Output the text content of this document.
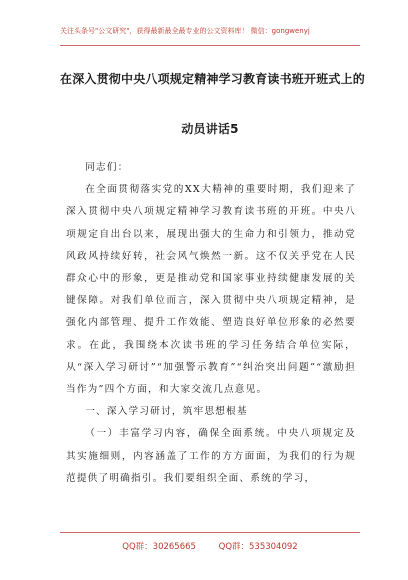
关注头条号"公文研究"，获得最新最全最专业的公文资料库！ 微信：gongwenyj
在深入贯彻中央八项规定精神学习教育读书班开班式上的
动员讲话5

同志们：

在全面贯彻落实党的XX大精神的重要时期，我们迎来了深入贯彻中央八项规定精神学习教育读书班的开班。中央八项规定自出台以来，展现出强大的生命力和引领力，推动党风政风持续好转，社会风气焕然一新。这不仅关乎党在人民群众心中的形象，更是推动党和国家事业持续健康发展的关键保障。对我们单位而言，深入贯彻中央八项规定精神，是强化内部管理、提升工作效能、塑造良好单位形象的必然要求。在此，我围绕本次读书班的学习任务结合单位实际，从“深入学习研讨”“加强警示教育”“纠治突出问题”“激励担当作为”四个方面，和大家交流几点意见。

一、深入学习研讨，筑牢思想根基

（一）丰富学习内容，确保全面系统。中央八项规定及其实施细则，内容涵盖了工作的方方面面，为我们的行为规范提供了明确指引。我们要组织全面、系统的学习，

QQ群：30265665	QQ群：535304092
